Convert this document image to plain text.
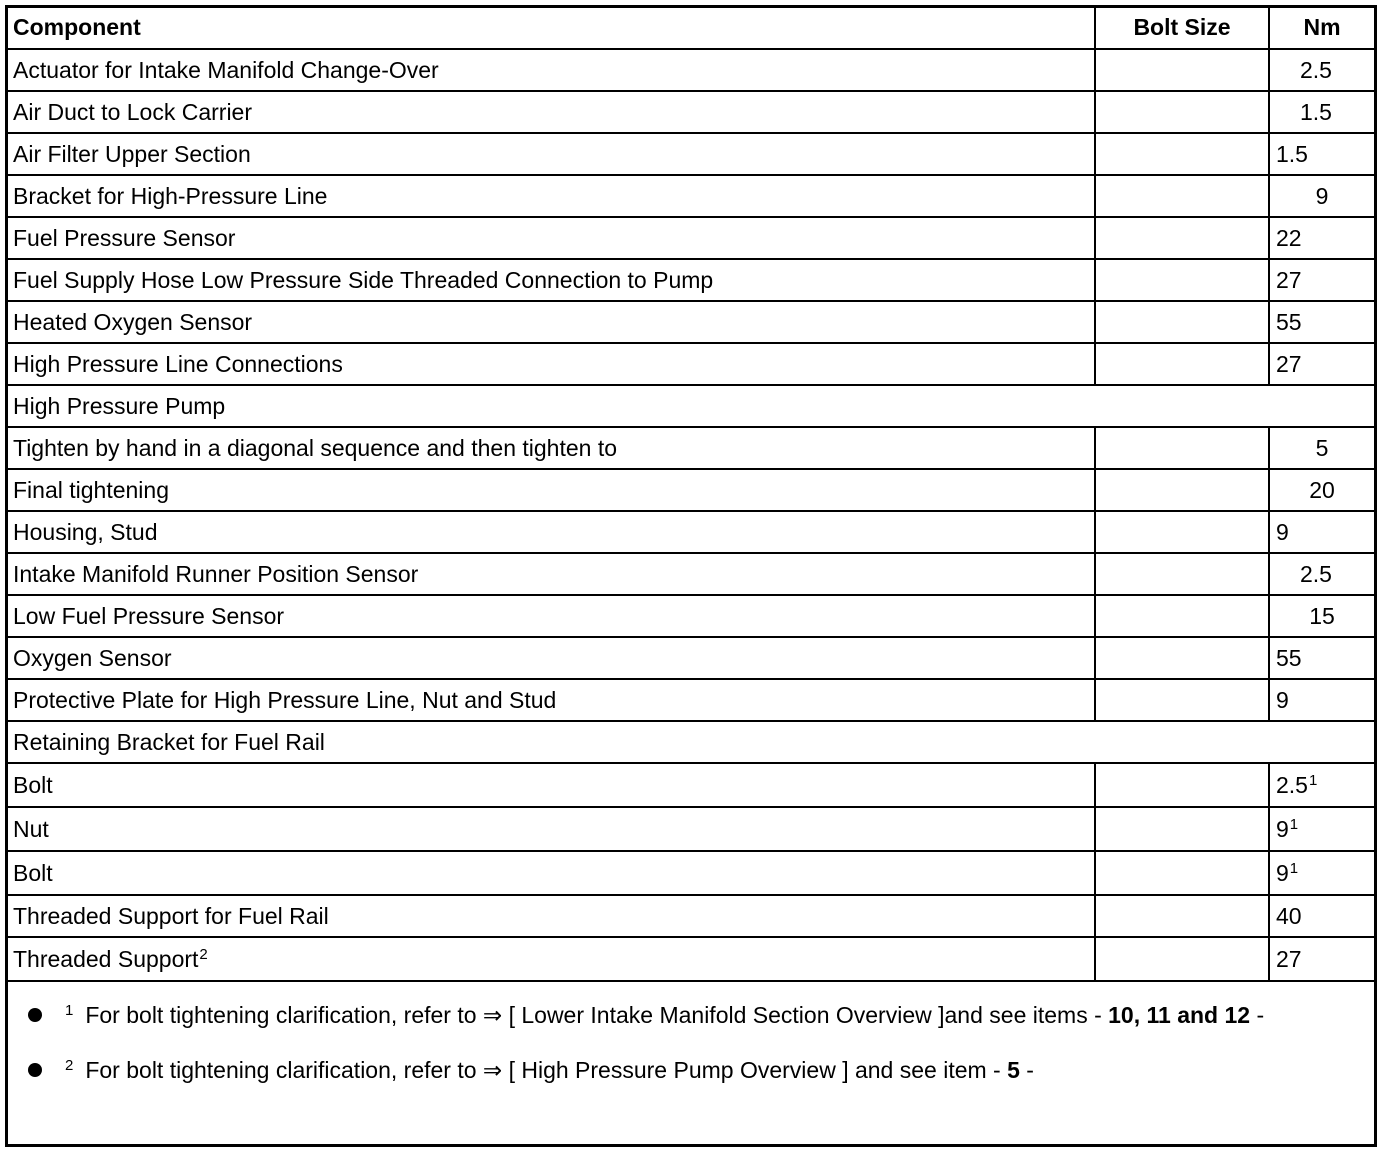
Component	Bolt Size	Nm
Actuator for Intake Manifold Change-Over		2.5
Air Duct to Lock Carrier		1.5
Air Filter Upper Section		1.5
Bracket for High-Pressure Line		9
Fuel Pressure Sensor		22
Fuel Supply Hose Low Pressure Side Threaded Connection to Pump		27
Heated Oxygen Sensor		55
High Pressure Line Connections		27
High Pressure Pump		
Tighten by hand in a diagonal sequence and then tighten to		5
Final tightening		20
Housing, Stud		9
Intake Manifold Runner Position Sensor		2.5
Low Fuel Pressure Sensor		15
Oxygen Sensor		55
Protective Plate for High Pressure Line, Nut and Stud		9
Retaining Bracket for Fuel Rail		
Bolt		$2.5^1$
Nut		$9^1$
Bolt		$9^1$
Threaded Support for Fuel Rail		40
Threaded Support$^2$		27
$^1$ For bolt tightening clarification, refer to ⇒ [ Lower Intake Manifold Section Overview ]and see items - 10, 11 and 12 -
$^2$ For bolt tightening clarification, refer to ⇒ [ High Pressure Pump Overview ] and see item - 5 -
